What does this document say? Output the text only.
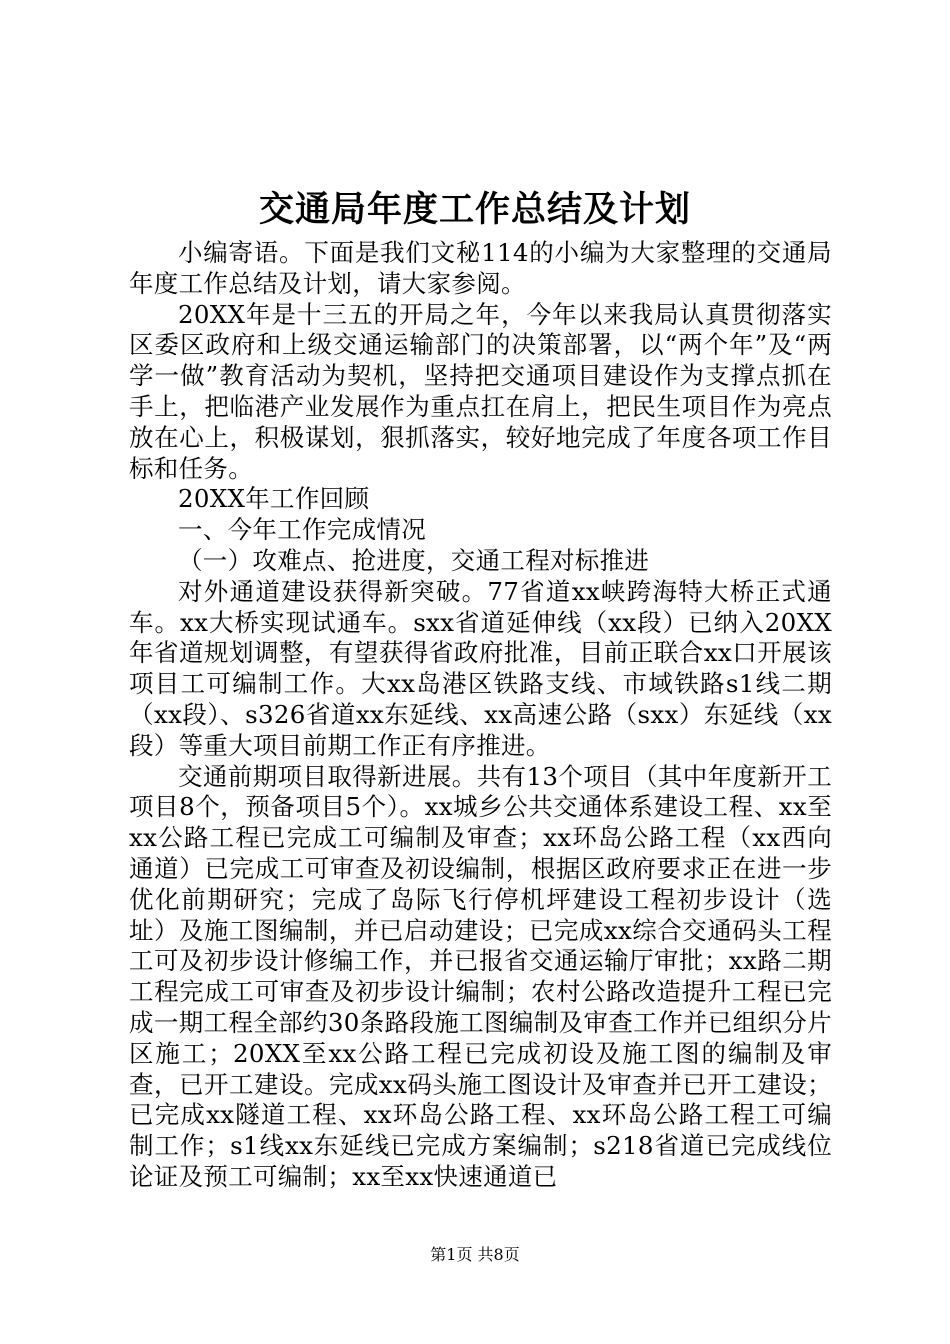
交通局年度工作总结及计划

小编寄语。下面是我们文秘114的小编为大家整理的交通局年度工作总结及计划，请大家参阅。

20XX年是十三五的开局之年，今年以来我局认真贯彻落实区委区政府和上级交通运输部门的决策部署，以“两个年”及“两学一做”教育活动为契机，坚持把交通项目建设作为支撑点抓在手上，把临港产业发展作为重点扛在肩上，把民生项目作为亮点放在心上，积极谋划，狠抓落实，较好地完成了年度各项工作目标和任务。

20XX年工作回顾

一、今年工作完成情况

（一）攻难点、抢进度，交通工程对标推进

对外通道建设获得新突破。77省道xx峡跨海特大桥正式通车。xx大桥实现试通车。sxx省道延伸线（xx段）已纳入20XX年省道规划调整，有望获得省政府批准，目前正联合xx口开展该项目工可编制工作。大xx岛港区铁路支线、市域铁路s1线二期（xx段）、s326省道xx东延线、xx高速公路（sxx）东延线（xx段）等重大项目前期工作正有序推进。

交通前期项目取得新进展。共有13个项目（其中年度新开工项目8个，预备项目5个）。xx城乡公共交通体系建设工程、xx至xx公路工程已完成工可编制及审查；xx环岛公路工程（xx西向通道）已完成工可审查及初设编制，根据区政府要求正在进一步优化前期研究；完成了岛际飞行停机坪建设工程初步设计（选址）及施工图编制，并已启动建设；已完成xx综合交通码头工程工可及初步设计修编工作，并已报省交通运输厅审批；xx路二期工程完成工可审查及初步设计编制；农村公路改造提升工程已完成一期工程全部约30条路段施工图编制及审查工作并已组织分片区施工；20XX至xx公路工程已完成初设及施工图的编制及审查，已开工建设。完成xx码头施工图设计及审查并已开工建设；已完成xx隧道工程、xx环岛公路工程、xx环岛公路工程工可编制工作；s1线xx东延线已完成方案编制；s218省道已完成线位论证及预工可编制；xx至xx快速通道已

第1页 共8页
